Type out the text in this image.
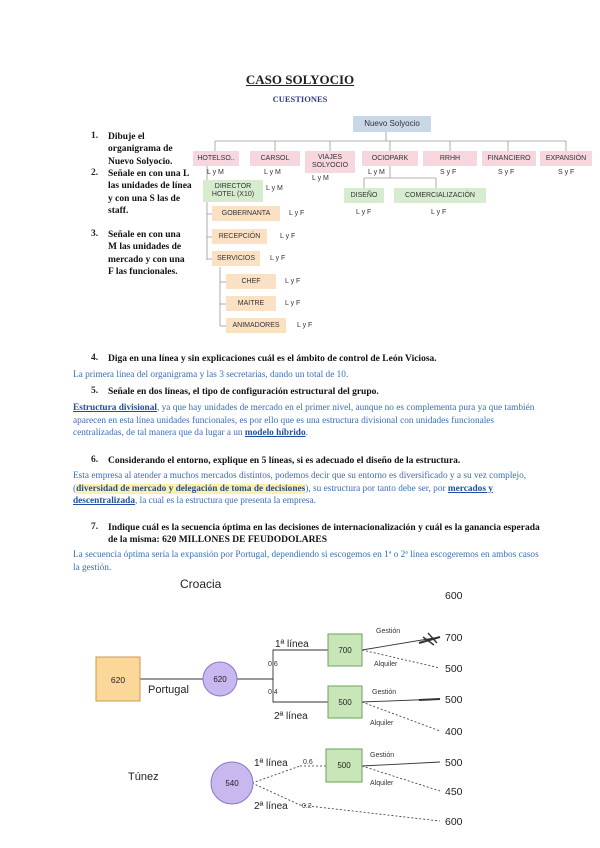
CASO SOLYOCIO
CUESTIONES
1. Dibuje el organigrama de Nuevo Solyocio.
2. Señale en con una L las unidades de línea y con una S las de staff.
3. Señale en con una M las unidades de mercado y con una F las funcionales.
Nuevo Solyocio
HOTELSO..	CARSOL	VIAJES SOLYOCIO
OCIOPARK	RRHH	FINANCIERO	EXPANSIÓN
L y M	L y M
L y M
L y M	S y F	S y F	S y F
DIRECTOR HOTEL (X10)
L y M
GOBERNANTA	L y F
RECEPCIÓN	L y F
SERVICIOS	L y F
CHEF	L y F
MAITRE	L y F
ANIMADORES	L y F
DISEÑO
L y F
COMERCIALIZACIÓN
L y F
4. Diga en una línea y sin explicaciones cuál es el ámbito de control de León Viciosa.
La primera línea del organigrama y las 3 secretarias, dando un total de 10.
5. Señale en dos líneas, el tipo de configuración estructural del grupo.
Estructura divisional, ya que hay unidades de mercado en el primer nivel, aunque no es complementa pura ya que también aparecen en esta línea unidades funcionales, es por ello que es una estructura divisional con unidades funcionales centralizadas, de tal manera que da lugar a un modelo híbrido.
6. Considerando el entorno, explique en 5 líneas, si es adecuado el diseño de la estructura.
Esta empresa al atender a muchos mercados distintos, podemos decir que su entorno es diversificado y a su vez complejo, (diversidad de mercado y delegación de toma de decisiones), su estructura por tanto debe ser, por mercados y descentralizada, la cual es la estructura que presenta la empresa.
7. Indique cuál es la secuencia óptima en las decisiones de internacionalización y cuál es la ganancia esperada de la misma: 620 MILLONES DE FEUDODOLARES
La secuencia óptima sería la expansión por Portugal, dependiendo si escogemos en 1ª o 2ª línea escogeremos en ambos casos la gestión.
620	620
Portugal
540
Túnez
Croacia
600
700
500
500
1ª línea
0.6
0.4
2ª línea
1ª línea 0.6
2ª línea 0.2
Gestión
Alquiler
Gestión
Alquiler
Gestión
Alquiler
700
500
500
400
500
450
600
